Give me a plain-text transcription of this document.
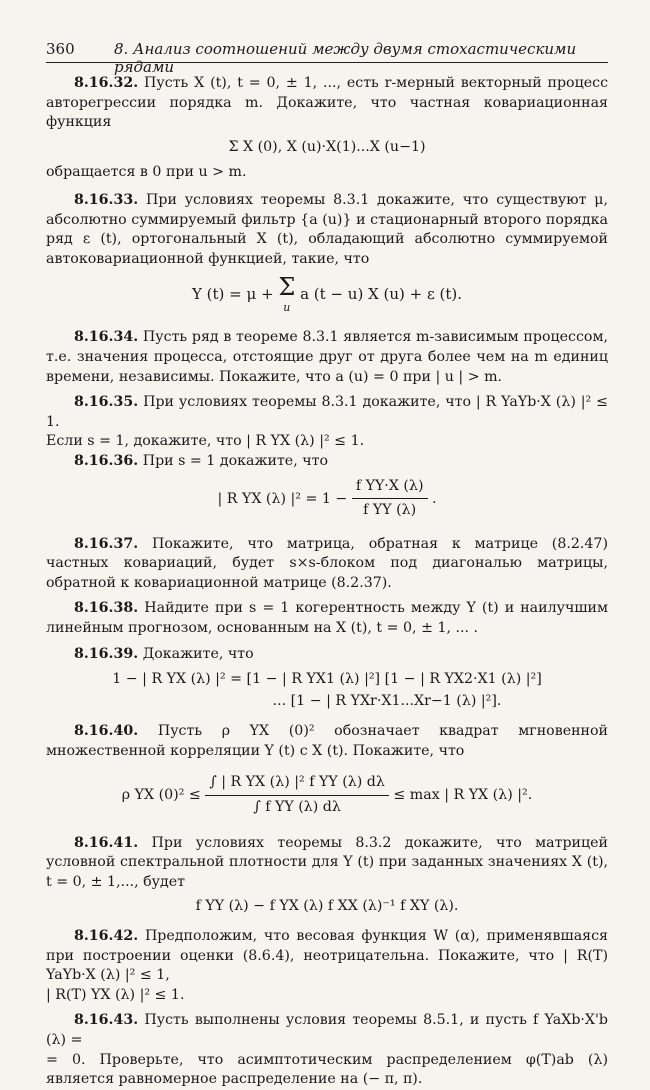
360	8. Анализ соотношений между двумя стохастическими рядами

8.16.32. Пусть X (t), t = 0, ± 1, ..., есть r-мерный векторный процесс авторегрессии порядка m. Докажите, что частная ковариационная функция

Σ X (0), X (u)·X(1)...X (u−1)

обращается в 0 при u > m.

8.16.33. При условиях теоремы 8.3.1 докажите, что существуют μ, абсолютно суммируемый фильтр {a (u)} и стационарный второго порядка ряд ε (t), ортогональный X (t), обладающий абсолютно суммируемой автоковариационной функцией, такие, что

Y (t) = μ + Σ
u
a (t − u) X (u) + ε (t).

8.16.34. Пусть ряд в теореме 8.3.1 является m-зависимым процессом, т.е. значения процесса, отстоящие друг от друга более чем на m единиц времени, независимы. Покажите, что a (u) = 0 при | u | > m.

8.16.35. При условиях теоремы 8.3.1 докажите, что | R YaYb·X (λ) |² ≤ 1.

Если s = 1, докажите, что | R YX (λ) |² ≤ 1.

8.16.36. При s = 1 докажите, что

| R YX (λ) $|^2 = 1 - \frac{\text{f YY·X (λ)}}{\text{f YY (λ)}}$ .

8.16.37. Покажите, что матрица, обратная к матрице (8.2.47) частных ковариаций, будет s×s-блоком под диагональю матрицы, обратной к ковариационной матрице (8.2.37).

8.16.38. Найдите при s = 1 когерентность между Y (t) и наилучшим линейным прогнозом, основанным на X (t), t = 0, ± 1, ... .

8.16.39. Докажите, что

1 − | R YX (λ) |² = [1 − | R YX1 (λ) |²] [1 − | R YX2·X1 (λ) |²]
... [1 − | R YXr·X1...Xr−1 (λ) |²].

8.16.40. Пусть ρ YX (0)² обозначает квадрат мгновенной множественной корреляции Y (t) с X (t). Покажите, что

ρ YX $(0)^2 \le \frac{\text{∫ | R YX (λ) |² f YY (λ) dλ}}{\text{∫ f YY (λ) dλ}} \le \max$ | R YX (λ) |².

8.16.41. При условиях теоремы 8.3.2 докажите, что матрицей условной спектральной плотности для Y (t) при заданных значениях X (t), t = 0, ± 1,..., будет

f YY (λ) − f YX (λ) f XX (λ)⁻¹ f XY (λ).

8.16.42. Предположим, что весовая функция W (α), применявшаяся при построении оценки (8.6.4), неотрицательна. Покажите, что | R(T) YaYb·X (λ) |² ≤ 1,

| R(T) YX (λ) |² ≤ 1.

8.16.43. Пусть выполнены условия теоремы 8.5.1, и пусть f YaXb·X'b (λ) =

= 0. Проверьте, что асимптотическим распределением φ(T)ab (λ) является равномерное распределение на (− π, π).
